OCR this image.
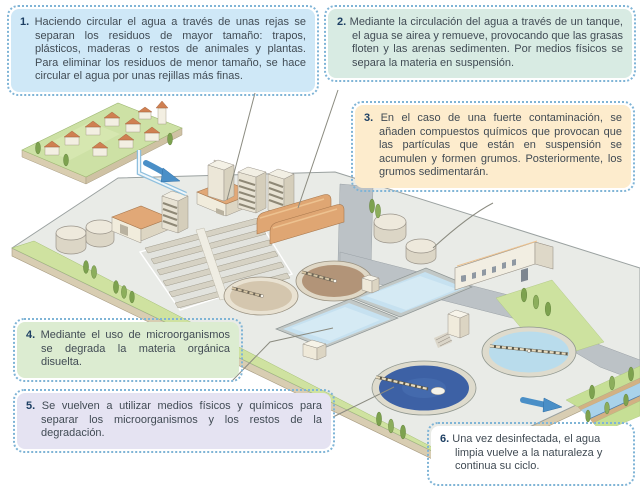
1. Haciendo circular el agua a través de unas rejas se separan los residuos de mayor tamaño: trapos, plásticos, maderas o restos de animales y plantas. Para eliminar los residuos de menor tamaño, se hace circular el agua por unas rejillas más finas.
2. Mediante la circulación del agua a través de un tanque, el agua se airea y remueve, provocando que las grasas floten y las arenas sedimenten. Por medios físicos se separa la materia en suspensión.
3. En el caso de una fuerte contaminación, se añaden compuestos químicos que provocan que las partículas que están en suspensión se acumulen y formen grumos. Posteriormente, los grumos sedimentarán.
4. Mediante el uso de microorganismos se degrada la materia orgánica disuelta.
5. Se vuelven a utilizar medios físicos y químicos para separar los microorganismos y los restos de la degradación.	6. Una vez desinfectada, el agua limpia vuelve a la naturaleza y continua su ciclo.
